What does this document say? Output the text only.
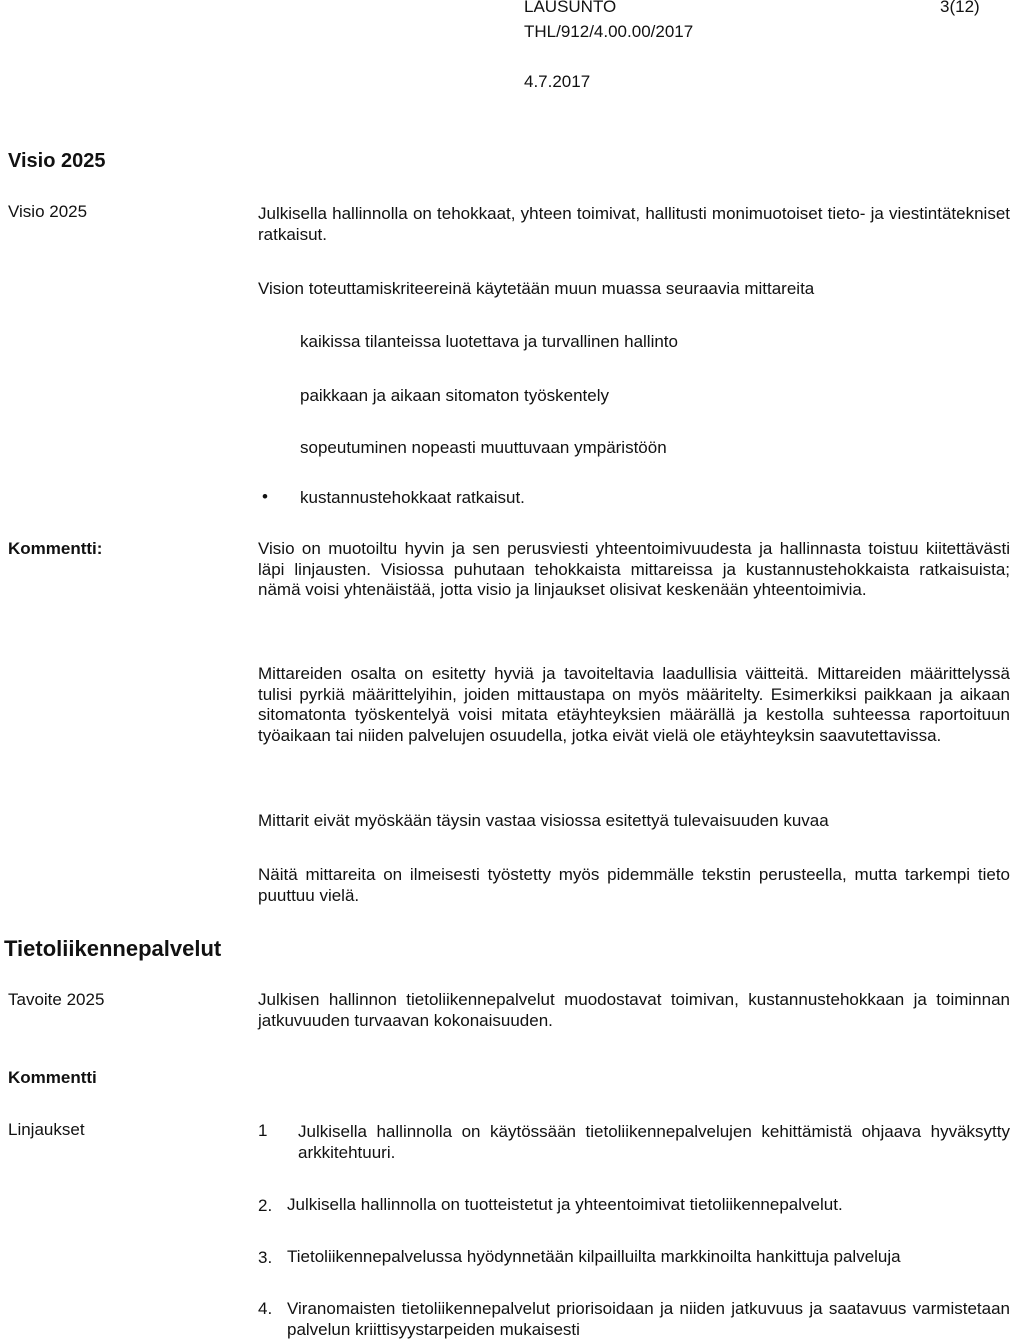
LAUSUNTO	3(12)
THL/912/4.00.00/2017
4.7.2017
Visio 2025
Visio 2025	Julkisella hallinnolla on tehokkaat, yhteen toimivat, hallitusti monimuotoiset tieto- ja viestintätekniset ratkaisut.
Vision toteuttamiskriteereinä käytetään muun muassa seuraavia mittareita
kaikissa tilanteissa luotettava ja turvallinen hallinto
paikkaan ja aikaan sitomaton työskentely
sopeutuminen nopeasti muuttuvaan ympäristöön
• kustannustehokkaat ratkaisut.
Kommentti:	Visio on muotoiltu hyvin ja sen perusviesti yhteentoimivuudesta ja hallinnasta toistuu kiitettävästi läpi linjausten. Visiossa puhutaan tehokkaista mittareissa ja kustannustehokkaista ratkaisuista; nämä voisi yhtenäistää, jotta visio ja linjaukset olisivat keskenään yhteentoimivia.
Mittareiden osalta on esitetty hyviä ja tavoiteltavia laadullisia väitteitä. Mittareiden määrittelyssä tulisi pyrkiä määrittelyihin, joiden mittaustapa on myös määritelty. Esimerkiksi paikkaan ja aikaan sitomatonta työskentelyä voisi mitata etäyhteyksien määrällä ja kestolla suhteessa raportoituun työaikaan tai niiden palvelujen osuudella, jotka eivät vielä ole etäyhteyksin saavutettavissa.
Mittarit eivät myöskään täysin vastaa visiossa esitettyä tulevaisuuden kuvaa
Näitä mittareita on ilmeisesti työstetty myös pidemmälle tekstin perusteella, mutta tarkempi tieto puuttuu vielä.
Tietoliikennepalvelut
Tavoite 2025	Julkisen hallinnon tietoliikennepalvelut muodostavat toimivan, kustannustehokkaan ja toiminnan jatkuvuuden turvaavan kokonaisuuden.
Kommentti
Linjaukset	1 Julkisella hallinnolla on käytössään tietoliikennepalvelujen kehittämistä ohjaava hyväksytty arkkitehtuuri.
2. Julkisella hallinnolla on tuotteistetut ja yhteentoimivat tietoliikennepalvelut.
3. Tietoliikennepalvelussa hyödynnetään kilpailluilta markkinoilta hankittuja palveluja
4. Viranomaisten tietoliikennepalvelut priorisoidaan ja niiden jatkuvuus ja saatavuus varmistetaan palvelun kriittisyystarpeiden mukaisesti
